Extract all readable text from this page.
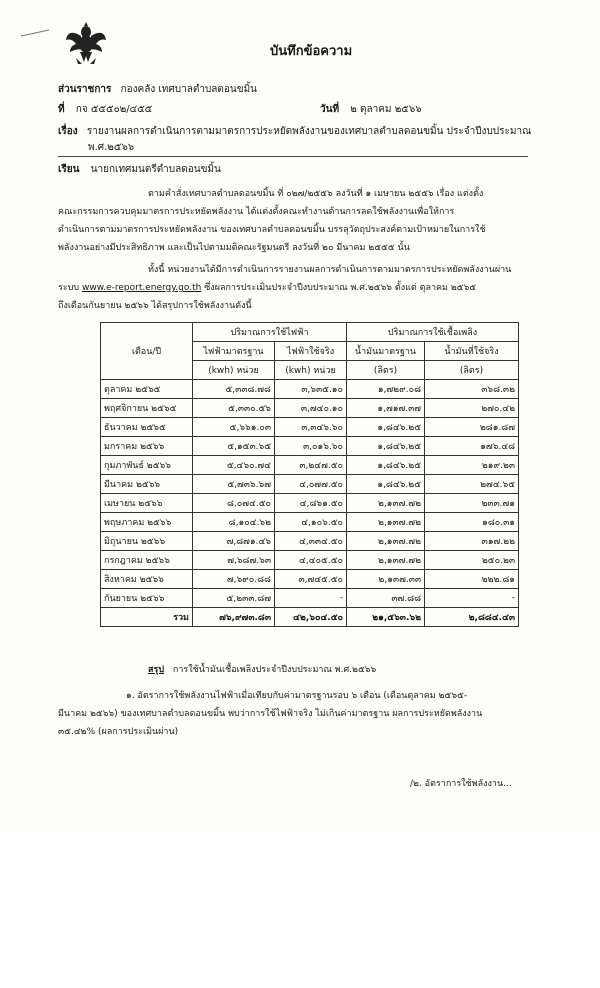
บันทึกข้อความ
ส่วนราชการ กองคลัง เทศบาลตำบลดอนขมิ้น
ที่ กจ ๕๕๕๐๒/๔๕๕	วันที่ ๒ ตุลาคม ๒๕๖๖
เรื่อง รายงานผลการดำเนินการตามมาตรการประหยัดพลังงานของเทศบาลตำบลดอนขมิ้น ประจำปีงบประมาณ
พ.ศ.๒๕๖๖
เรียน นายกเทศมนตรีตำบลดอนขมิ้น
ตามคำสั่งเทศบาลตำบลดอนขมิ้น ที่ ๐๒๗/๒๕๕๖ ลงวันที่ ๑ เมษายน ๒๕๕๖ เรื่อง แต่งตั้ง
คณะกรรมการควบคุมมาตรการประหยัดพลังงาน ได้แต่งตั้งคณะทำงานด้านการลดใช้พลังงานเพื่อให้การ
ดำเนินการตามมาตรการประหยัดพลังงาน ของเทศบาลตำบลดอนขมิ้น บรรลุวัตถุประสงค์ตามเป้าหมายในการใช้
พลังงานอย่างมีประสิทธิภาพ และเป็นไปตามมติคณะรัฐมนตรี ลงวันที่ ๒๐ มีนาคม ๒๕๕๕ นั้น
ทั้งนี้ หน่วยงานได้มีการดำเนินการรายงานผลการดำเนินการตามมาตรการประหยัดพลังงานผ่าน
ระบบ www.e-report.energy.go.th ซึ่งผลการประเมินประจำปีงบประมาณ พ.ศ.๒๕๖๖ ตั้งแต่ ตุลาคม ๒๕๖๕
ถึงเดือนกันยายน ๒๕๖๖ ได้สรุปการใช้พลังงานดังนี้
เดือน/ปี	ปริมาณการใช้ไฟฟ้า		ปริมาณการใช้เชื้อเพลิง	
	ไฟฟ้ามาตรฐาน	ไฟฟ้าใช้จริง	น้ำมันมาตรฐาน	น้ำมันที่ใช้จริง
	(kwh) หน่วย	(kwh) หน่วย	(ลิตร)	(ลิตร)
ตุลาคม ๒๕๖๕	๕,๓๓๘.๗๘	๓,๖๓๕.๑๐	๑,๗๒๙.๐๘	๓๖๘.๓๒
พฤศจิกายน ๒๕๖๕	๕,๓๓๐.๕๖	๓,๗๔๐.๑๐	๑,๗๑๗.๓๗	๒๗๐.๔๒
ธันวาคม ๒๕๖๕	๕,๖๖๑.๐๓	๓,๓๔๖.๖๐	๑,๘๔๖.๒๕	๒๘๑.๘๗
มกราคม ๒๕๖๖	๕,๑๕๓.๖๕	๓,๐๑๖.๖๐	๑,๘๔๖.๒๕	๑๗๖.๔๘
กุมภาพันธ์ ๒๕๖๖	๕,๔๖๐.๗๔	๓,๒๔๗.๕๐	๑,๘๔๖.๒๕	๒๑๙.๒๓
มีนาคม ๒๕๖๖	๕,๗๓๖.๖๗	๔,๐๗๗.๕๐	๑,๘๔๖.๒๕	๒๗๔.๖๕
เมษายน ๒๕๖๖	๘,๐๗๔.๕๐	๔,๘๖๑.๕๐	๒,๑๓๗.๗๒	๒๓๓.๗๑
พฤษภาคม ๒๕๖๖	๘,๑๐๔.๖๒	๔,๑๐๖.๕๐	๒,๑๓๗.๗๒	๑๘๐.๓๑
มิถุนายน ๒๕๖๖	๗,๘๗๑.๔๖	๔,๓๓๔.๕๐	๒,๑๓๗.๗๒	๓๑๗.๒๒
กรกฎาคม ๒๕๖๖	๗,๖๘๗.๖๓	๔,๔๐๕.๕๐	๒,๑๓๗.๗๒	๒๕๐.๒๓
สิงหาคม ๒๕๖๖	๗,๖๙๐.๘๘	๓,๗๔๕.๕๐	๒,๑๓๗.๓๓	๒๒๒.๘๑
กันยายน ๒๕๖๖	๕,๒๓๓.๘๗	-	๓๗.๘๘	-
รวม	๗๖,๙๗๓.๘๓	๔๒,๖๐๔.๕๐	๒๑,๕๖๓.๖๒	๒,๘๘๔.๔๓
สรุป การใช้น้ำมันเชื้อเพลิงประจำปีงบประมาณ พ.ศ.๒๕๖๖
๑. อัตราการใช้พลังงานไฟฟ้าเมื่อเทียบกับค่ามาตรฐานรอบ ๖ เดือน (เดือนตุลาคม ๒๕๖๕-
มีนาคม ๒๕๖๖) ของเทศบาลตำบลดอนขมิ้น พบว่าการใช้ไฟฟ้าจริง ไม่เกินค่ามาตรฐาน ผลการประหยัดพลังงาน
๓๕.๔๒% (ผลการประเมินผ่าน)
/๒. อัตราการใช้พลังงาน...
